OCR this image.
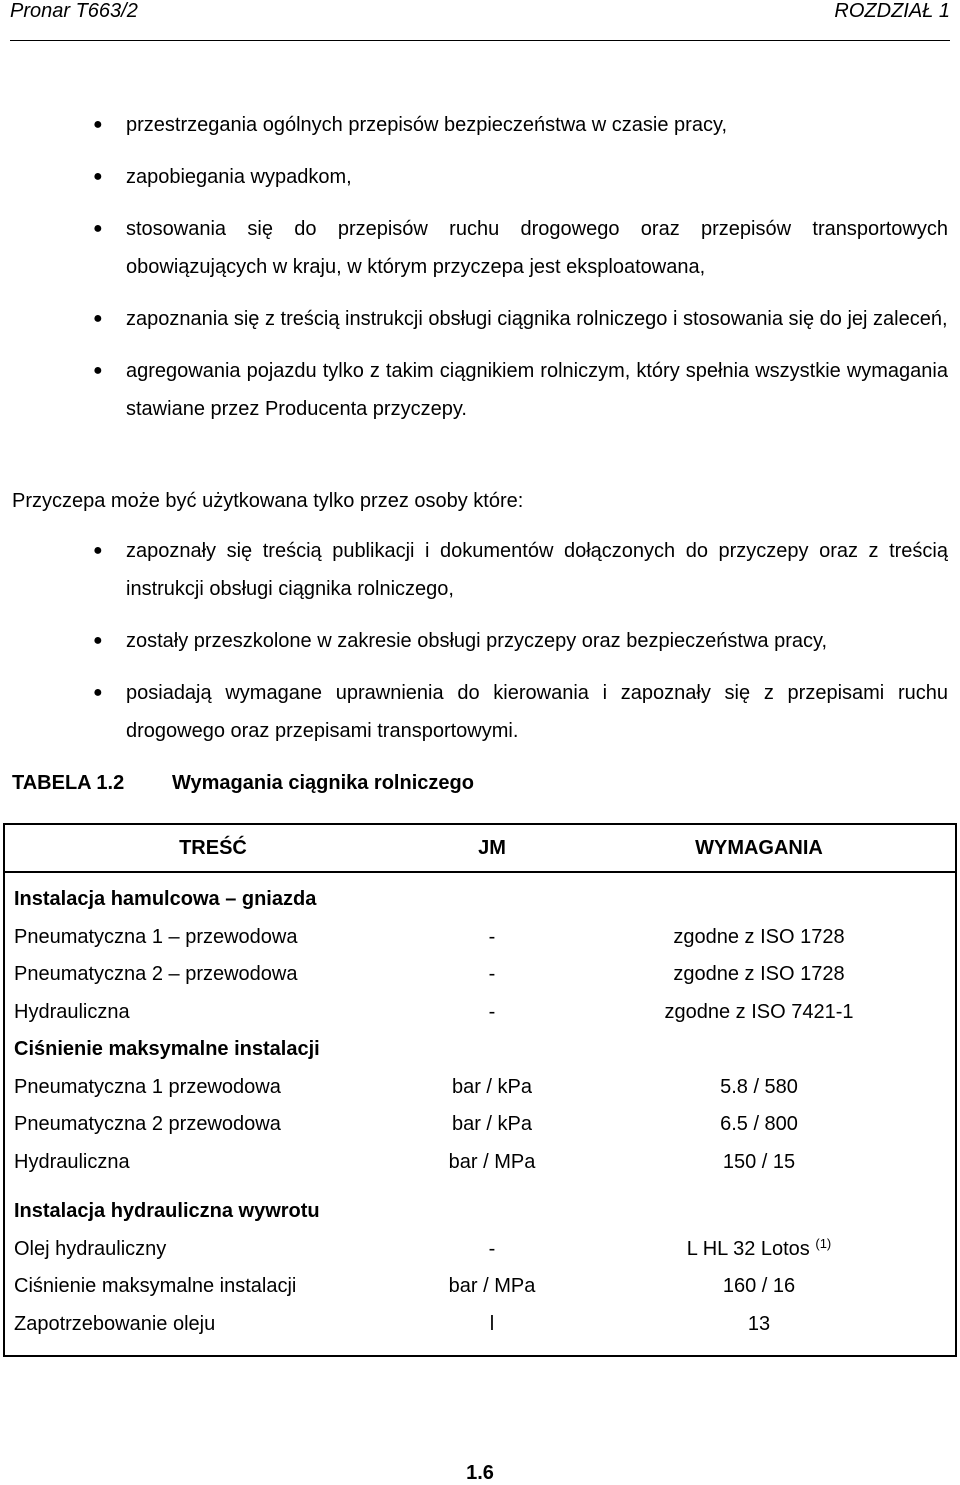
Pronar T663/2	ROZDZIAŁ 1
● przestrzegania ogólnych przepisów bezpieczeństwa w czasie pracy,
● zapobiegania wypadkom,
● stosowania się do przepisów ruchu drogowego oraz przepisów transportowych obowiązujących w kraju, w którym przyczepa jest eksploatowana,
● zapoznania się z treścią instrukcji obsługi ciągnika rolniczego i stosowania się do jej zaleceń,
● agregowania pojazdu tylko z takim ciągnikiem rolniczym, który spełnia wszystkie wymagania stawiane przez Producenta przyczepy.
Przyczepa może być użytkowana tylko przez osoby które:
● zapoznały się treścią publikacji i dokumentów dołączonych do przyczepy oraz z treścią instrukcji obsługi ciągnika rolniczego,
● zostały przeszkolone w zakresie obsługi przyczepy oraz bezpieczeństwa pracy,
● posiadają wymagane uprawnienia do kierowania i zapoznały się z przepisami ruchu drogowego oraz przepisami transportowymi.
TABELA 1.2 Wymagania ciągnika rolniczego
TREŚĆ	JM	WYMAGANIA
Instalacja hamulcowa – gniazda		
Pneumatyczna 1 – przewodowa	-	zgodne z ISO 1728
Pneumatyczna 2 – przewodowa	-	zgodne z ISO 1728
Hydrauliczna	-	zgodne z ISO 7421-1
Ciśnienie maksymalne instalacji		
Pneumatyczna 1 przewodowa	bar / kPa	5.8 / 580
Pneumatyczna 2 przewodowa	bar / kPa	6.5 / 800
Hydrauliczna	bar / MPa	150 / 15

Instalacja hydrauliczna wywrotu		
Olej hydrauliczny	-	L HL 32 Lotos $^{(1)}$
Ciśnienie maksymalne instalacji	bar / MPa	160 / 16
Zapotrzebowanie oleju	l	13

1.6
